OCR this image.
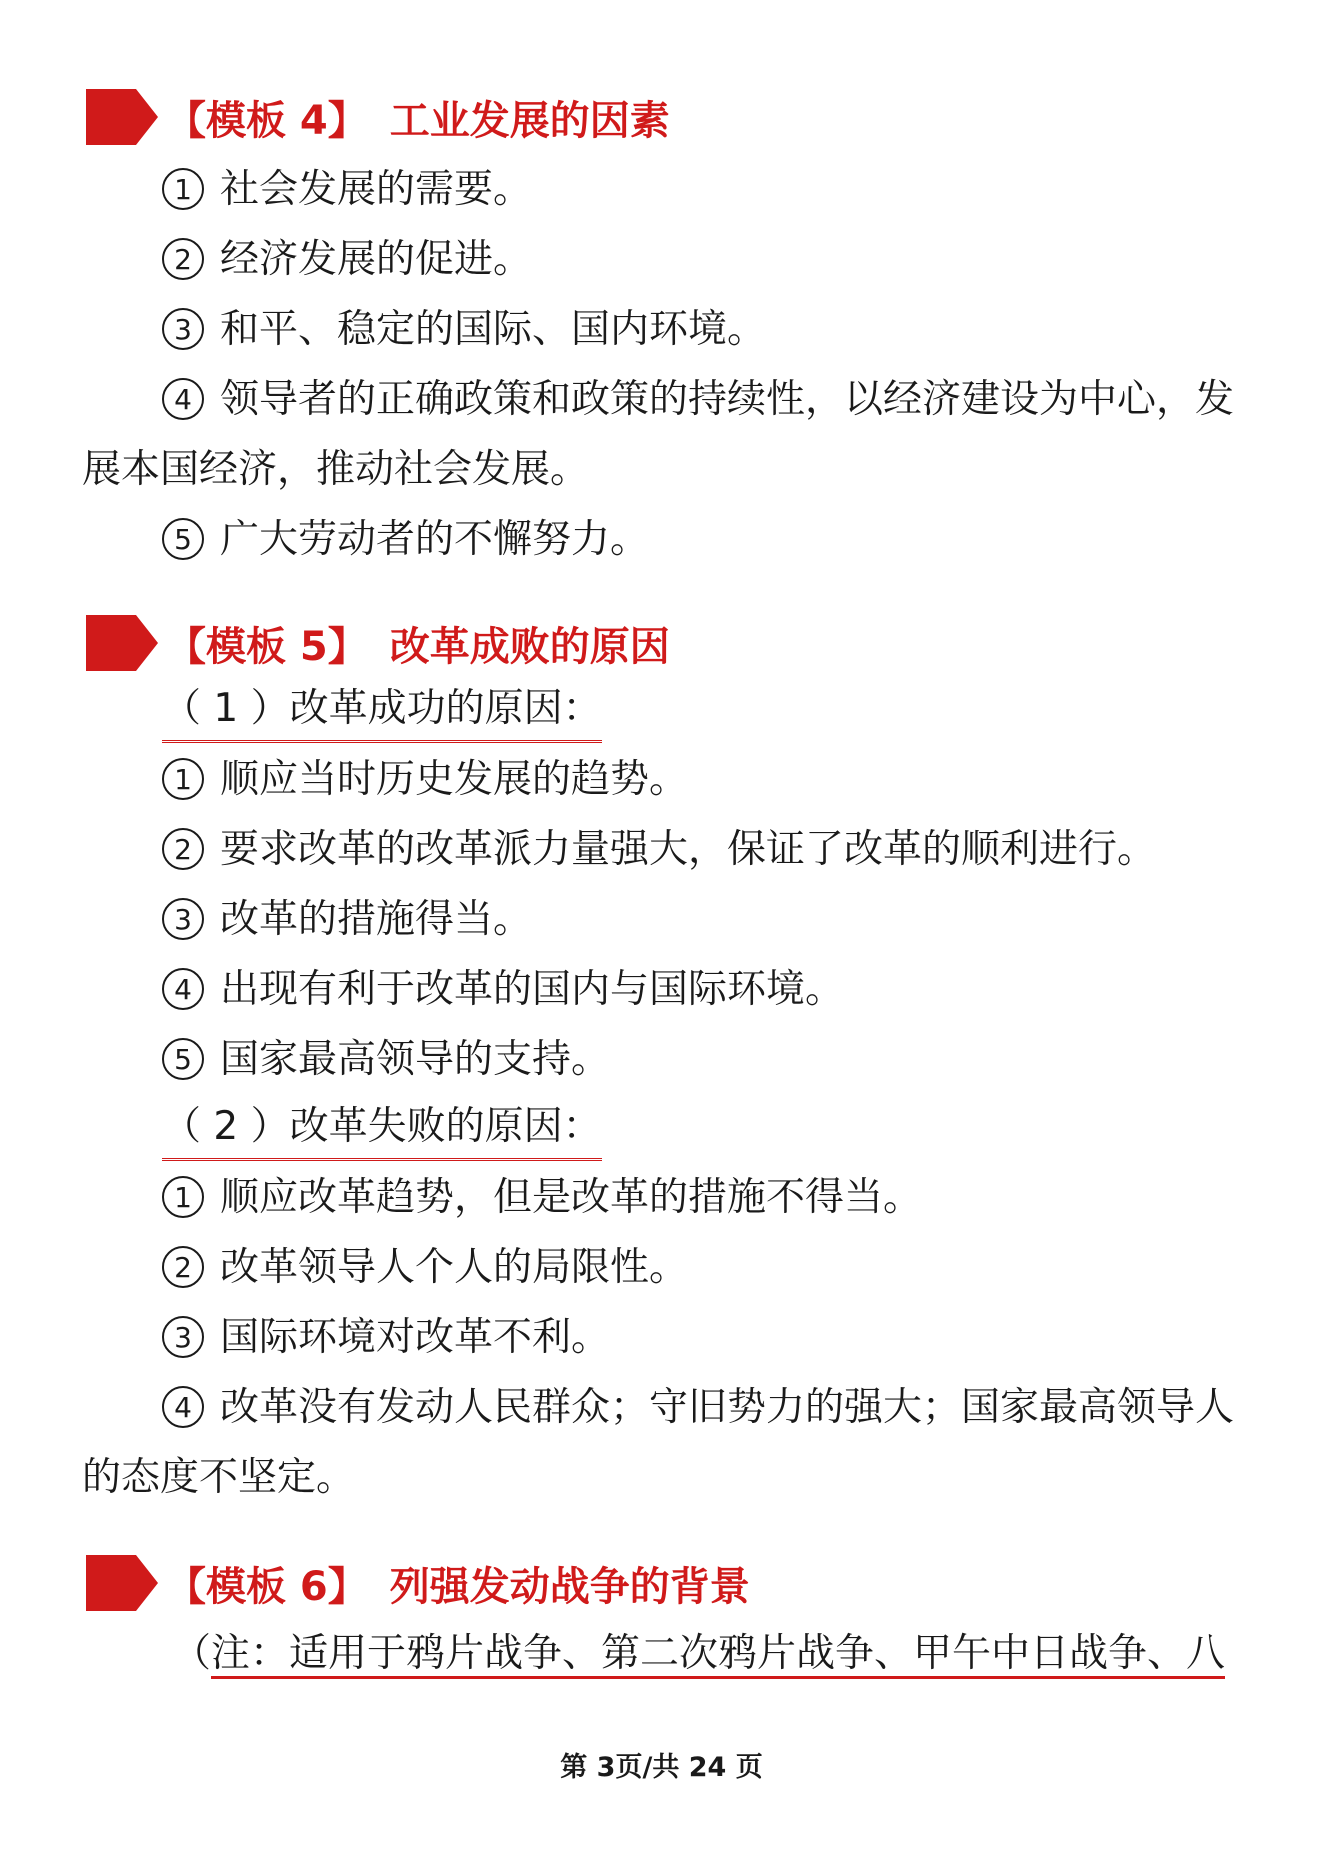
【模板 4】 工业发展的因素
1 社会发展的需要。
2 经济发展的促进。
3 和平、稳定的国际、国内环境。
4 领导者的正确政策和政策的持续性，以经济建设为中心，发
展本国经济，推动社会发展。
5 广大劳动者的不懈努力。
【模板 5】 改革成败的原因
（ 1 ）改革成功的原因：
1 顺应当时历史发展的趋势。
2 要求改革的改革派力量强大，保证了改革的顺利进行。
3 改革的措施得当。
4 出现有利于改革的国内与国际环境。
5 国家最高领导的支持。
（ 2 ）改革失败的原因：
1 顺应改革趋势，但是改革的措施不得当。
2 改革领导人个人的局限性。
3 国际环境对改革不利。
4 改革没有发动人民群众；守旧势力的强大；国家最高领导人
的态度不坚定。
【模板 6】 列强发动战争的背景
（注：适用于鸦片战争、第二次鸦片战争、甲午中日战争、八
第 3页/共 24 页
